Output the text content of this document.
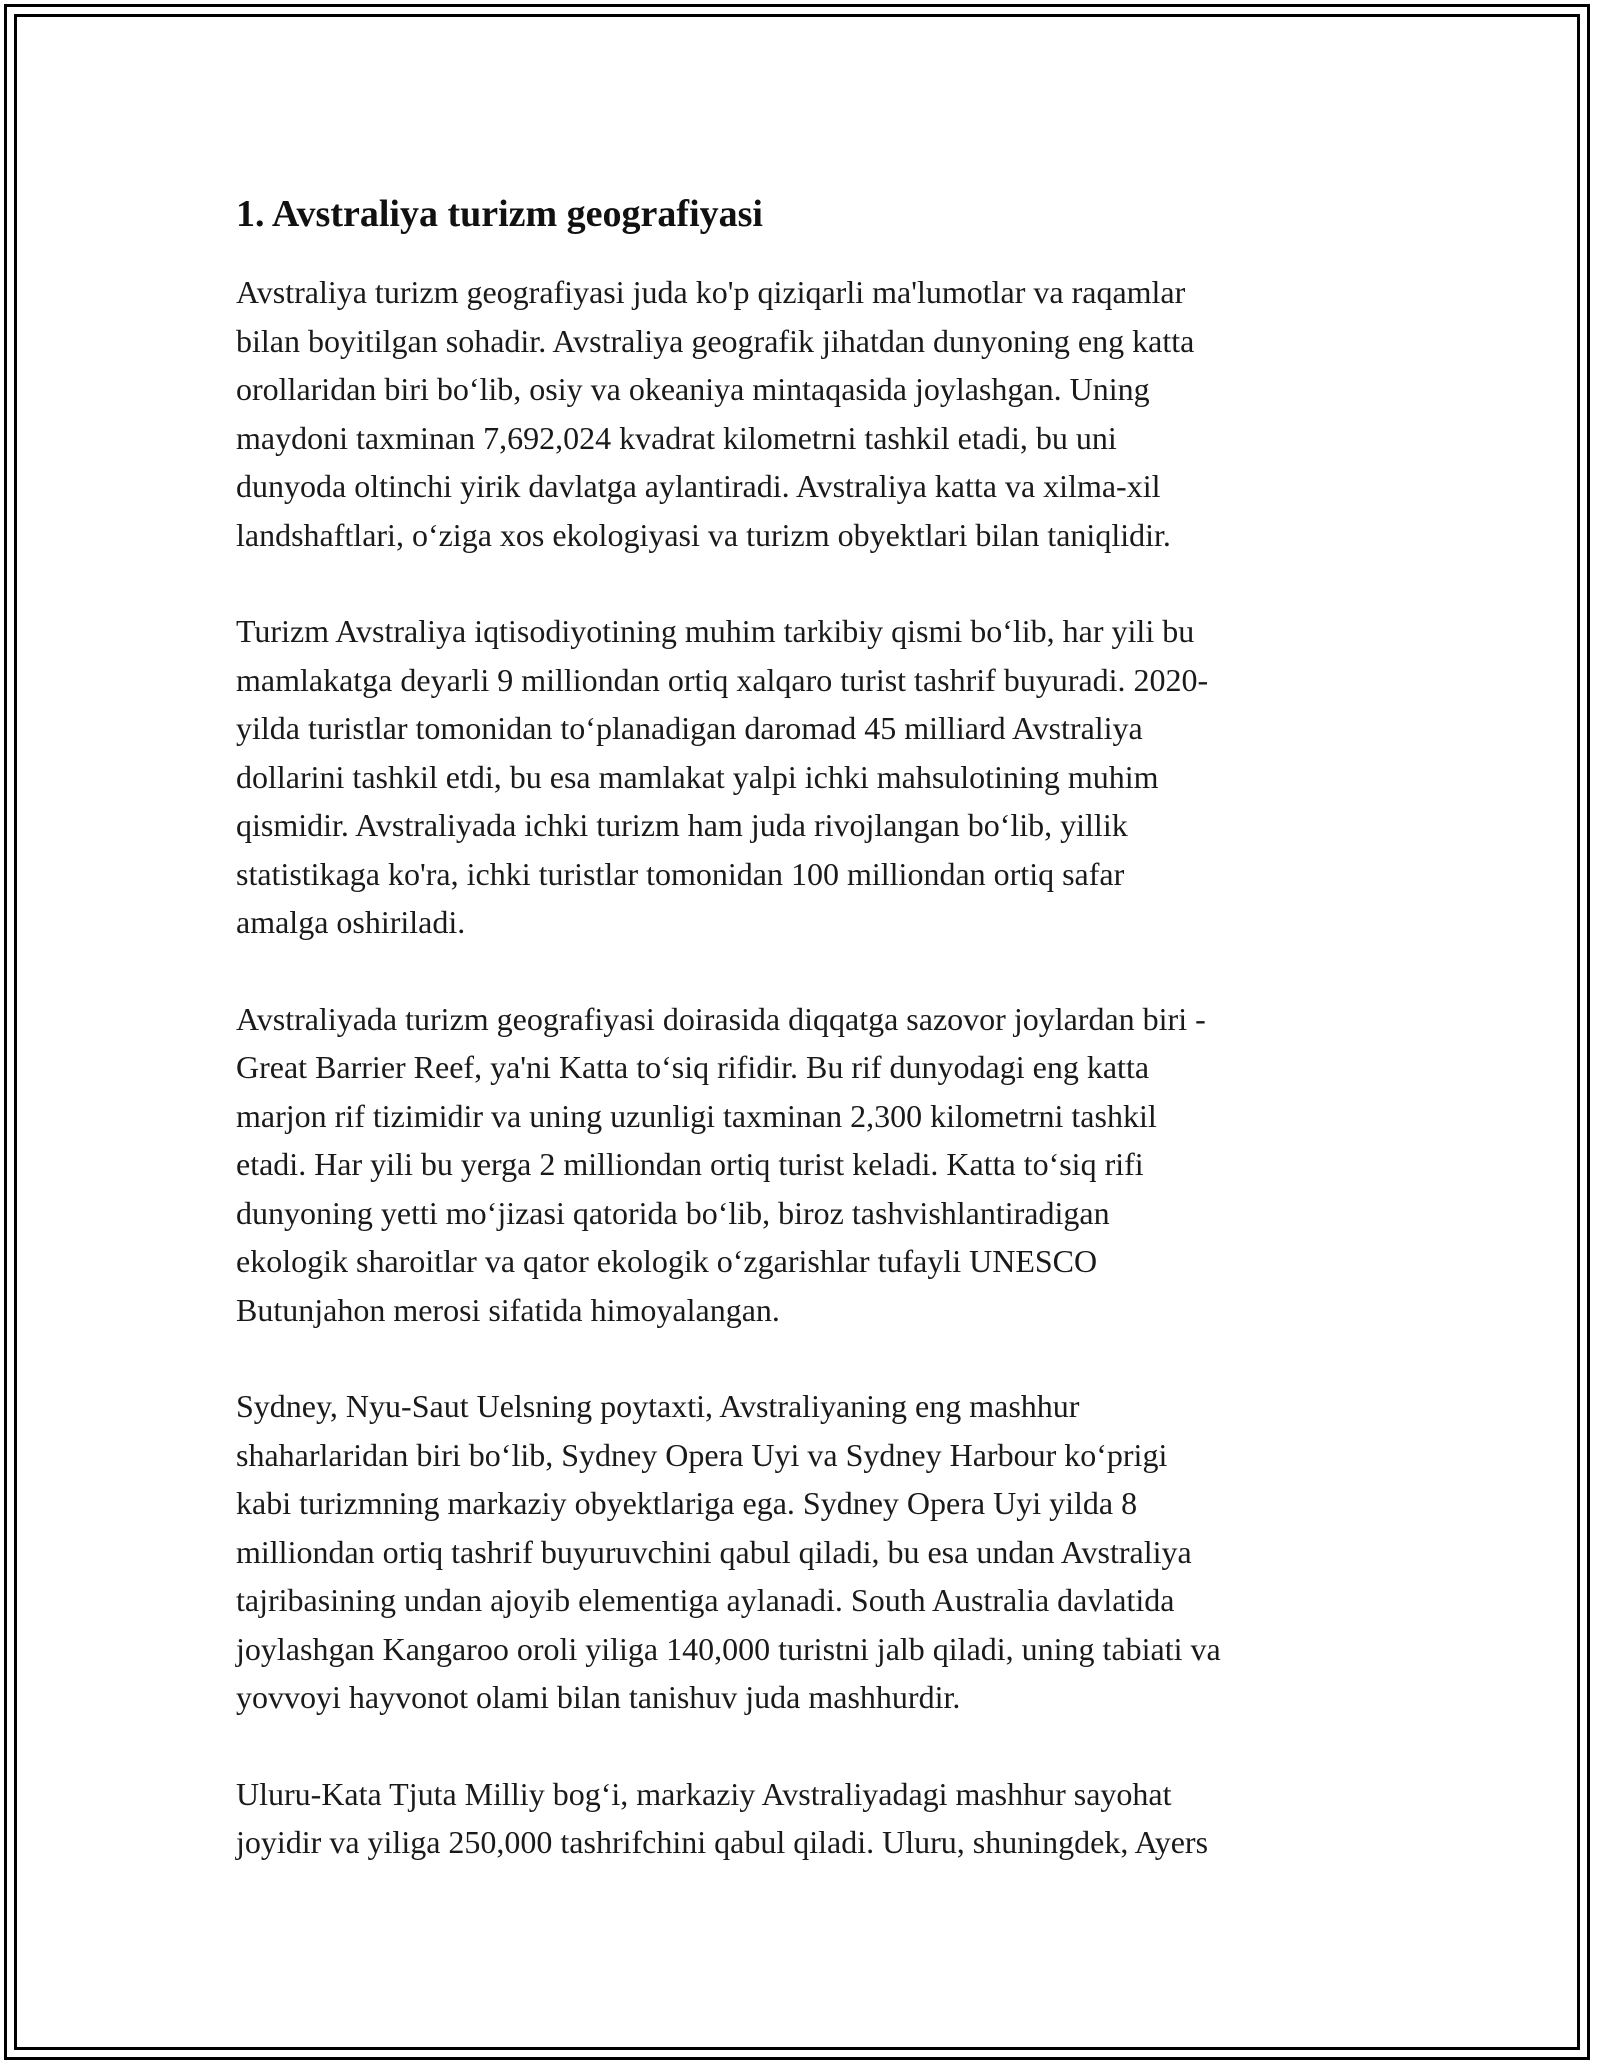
1. Avstraliya turizm geografiyasi

Avstraliya turizm geografiyasi juda ko'p qiziqarli ma'lumotlar va raqamlar
bilan boyitilgan sohadir. Avstraliya geografik jihatdan dunyoning eng katta
orollaridan biri bo‘lib, osiy va okeaniya mintaqasida joylashgan. Uning
maydoni taxminan 7,692,024 kvadrat kilometrni tashkil etadi, bu uni
dunyoda oltinchi yirik davlatga aylantiradi. Avstraliya katta va xilma-xil
landshaftlari, o‘ziga xos ekologiyasi va turizm obyektlari bilan taniqlidir.

Turizm Avstraliya iqtisodiyotining muhim tarkibiy qismi bo‘lib, har yili bu
mamlakatga deyarli 9 milliondan ortiq xalqaro turist tashrif buyuradi. 2020-
yilda turistlar tomonidan to‘planadigan daromad 45 milliard Avstraliya
dollarini tashkil etdi, bu esa mamlakat yalpi ichki mahsulotining muhim
qismidir. Avstraliyada ichki turizm ham juda rivojlangan bo‘lib, yillik
statistikaga ko'ra, ichki turistlar tomonidan 100 milliondan ortiq safar
amalga oshiriladi.

Avstraliyada turizm geografiyasi doirasida diqqatga sazovor joylardan biri -
Great Barrier Reef, ya'ni Katta to‘siq rifidir. Bu rif dunyodagi eng katta
marjon rif tizimidir va uning uzunligi taxminan 2,300 kilometrni tashkil
etadi. Har yili bu yerga 2 milliondan ortiq turist keladi. Katta to‘siq rifi
dunyoning yetti mo‘jizasi qatorida bo‘lib, biroz tashvishlantiradigan
ekologik sharoitlar va qator ekologik o‘zgarishlar tufayli UNESCO
Butunjahon merosi sifatida himoyalangan.

Sydney, Nyu-Saut Uelsning poytaxti, Avstraliyaning eng mashhur
shaharlaridan biri bo‘lib, Sydney Opera Uyi va Sydney Harbour ko‘prigi
kabi turizmning markaziy obyektlariga ega. Sydney Opera Uyi yilda 8
milliondan ortiq tashrif buyuruvchini qabul qiladi, bu esa undan Avstraliya
tajribasining undan ajoyib elementiga aylanadi. South Australia davlatida
joylashgan Kangaroo oroli yiliga 140,000 turistni jalb qiladi, uning tabiati va
yovvoyi hayvonot olami bilan tanishuv juda mashhurdir.

Uluru-Kata Tjuta Milliy bog‘i, markaziy Avstraliyadagi mashhur sayohat
joyidir va yiliga 250,000 tashrifchini qabul qiladi. Uluru, shuningdek, Ayers
